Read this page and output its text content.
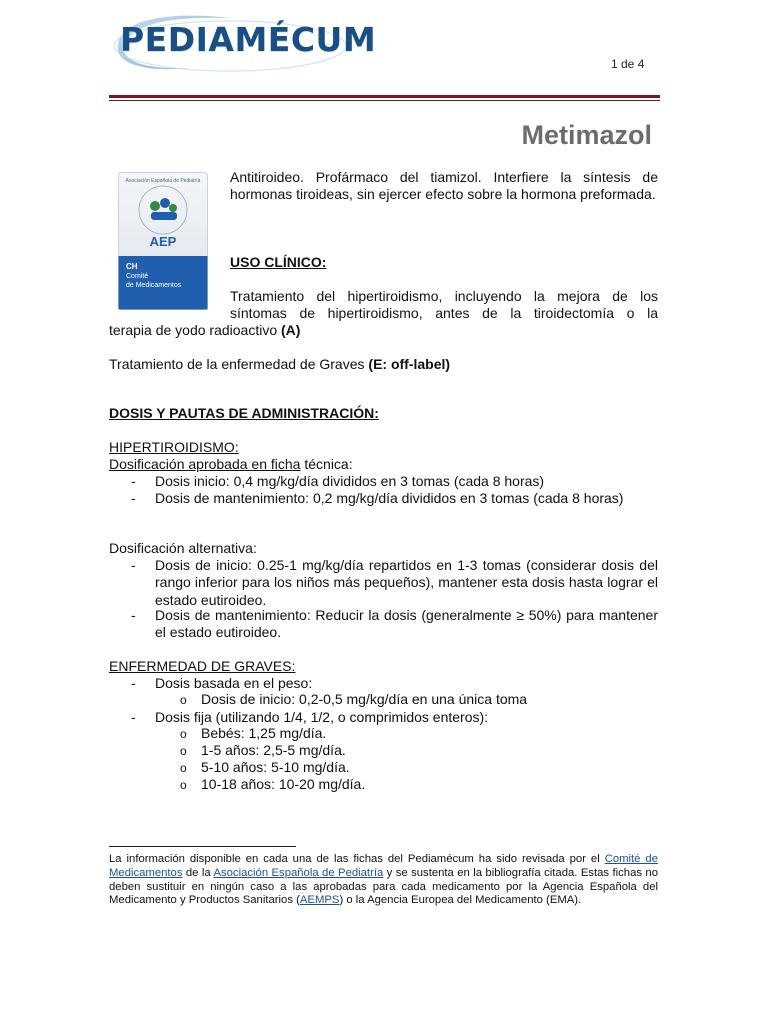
PEDIAMÉCUM
1 de 4
Metimazol
Asociación Española de Pediatría
AEP
CH
Comité
de Medicamentos
Antitiroideo. Profármaco del tiamizol. Interfiere la síntesis de hormonas tiroideas, sin ejercer efecto sobre la hormona preformada.
USO CLÍNICO:
Tratamiento del hipertiroidismo, incluyendo la mejora de los
síntomas de hipertiroidismo, antes de la tiroidectomía o la
terapia de yodo radioactivo (A)
Tratamiento de la enfermedad de Graves (E: off-label)
DOSIS Y PAUTAS DE ADMINISTRACIÓN:
HIPERTIROIDISMO:
Dosificación aprobada en ficha técnica:
- Dosis inicio: 0,4 mg/kg/día divididos en 3 tomas (cada 8 horas)
- Dosis de mantenimiento: 0,2 mg/kg/día divididos en 3 tomas (cada 8 horas)
Dosificación alternativa:
- Dosis de inicio: 0.25-1 mg/kg/día repartidos en 1-3 tomas (considerar dosis del rango inferior para los niños más pequeños), mantener esta dosis hasta lograr el estado eutiroideo.
- Dosis de mantenimiento: Reducir la dosis (generalmente ≥ 50%) para mantener el estado eutiroideo.
ENFERMEDAD DE GRAVES:
- Dosis basada en el peso:
o Dosis de inicio: 0,2-0,5 mg/kg/día en una única toma
- Dosis fija (utilizando 1/4, 1/2, o comprimidos enteros):
o Bebés: 1,25 mg/día.
o 1-5 años: 2,5-5 mg/día.
o 5-10 años: 5-10 mg/día.
o 10-18 años: 10-20 mg/día.
La información disponible en cada una de las fichas del Pediamécum ha sido revisada por el Comité de Medicamentos de la Asociación Española de Pediatría y se sustenta en la bibliografía citada. Estas fichas no deben sustituir en ningún caso a las aprobadas para cada medicamento por la Agencia Española del Medicamento y Productos Sanitarios (AEMPS) o la Agencia Europea del Medicamento (EMA).
